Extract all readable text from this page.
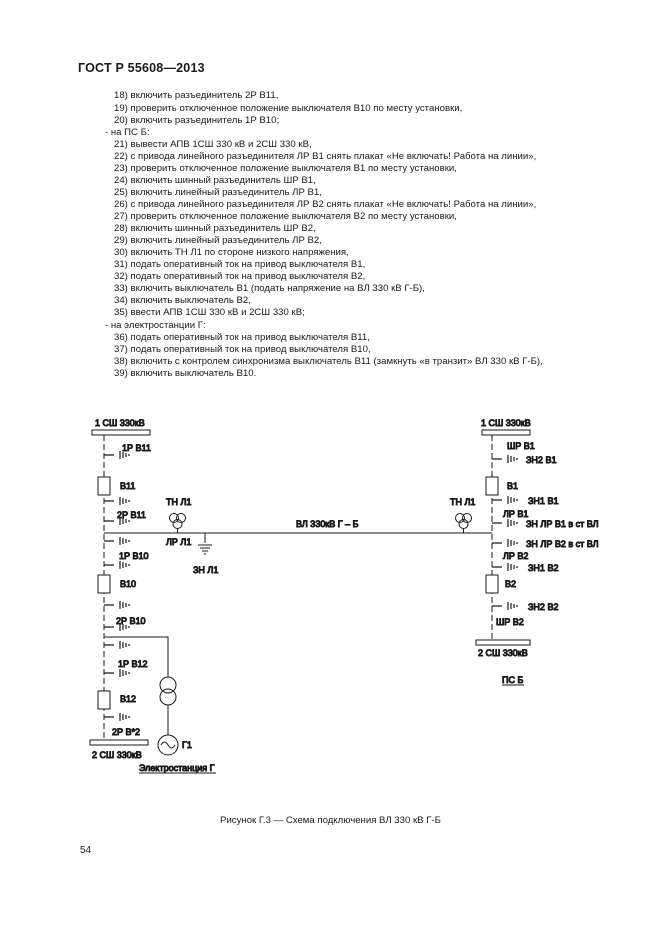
ГОСТ Р 55608—2013
18) включить разъединитель 2Р В11,
19) проверить отключенное положение выключателя В10 по месту установки,
20) включить разъединитель 1Р В10;
- на ПС Б:
21) вывести АПВ 1СШ 330 кВ и 2СШ 330 кВ,
22) с привода линейного разъединителя ЛР В1 снять плакат «Не включать! Работа на линии»,
23) проверить отключенное положение выключателя В1 по месту установки,
24) включить шинный разъединитель ШР В1,
25) включить линейный разъединитель ЛР В1,
26) с привода линейного разъединителя ЛР В2 снять плакат «Не включать! Работа на линии»,
27) проверить отключенное положение выключателя В2 по месту установки,
28) включить шинный разъединитель ШР В2,
29) включить линейный разъединитель ЛР В2,
30) включить ТН Л1 по стороне низкого напряжения,
31) подать оперативный ток на привод выключателя В1,
32) подать оперативный ток на привод выключателя В2,
33) включить выключатель В1 (подать напряжение на ВЛ 330 кВ Г-Б),
34) включить выключатель В2,
35) ввести АПВ 1СШ 330 кВ и 2СШ 330 кВ;
- на электростанции Г:
36) подать оперативный ток на привод выключателя В11,
37) подать оперативный ток на привод выключателя В10,
38) включить с контролем синхронизма выключатель В11 (замкнуть «в транзит» ВЛ 330 кВ Г-Б),
39) включить выключатель В10.
1 СШ 330кВ
2 СШ 330кВ
1Р В11
В11
2Р В11
1Р В10
В10
2Р В10
1Р В12
В12
2Р В*2
Г1
Электростанция Г
ТН Л1
ЛР Л1
ЗН Л1
ВЛ 330кВ Г – Б
ТН Л1
1 СШ 330кВ
2 СШ 330кВ
ШР В1
ЗН2 В1
В1
ЗН1 В1
ЛР В1
ЗН ЛР В1 в ст ВЛ
ЗН ЛР В2 в ст ВЛ
ЛР В2
ЗН1 В2
В2
ЗН2 В2
ШР В2
ПС Б
Рисунок Г.3 — Схема подключения ВЛ 330 кВ Г-Б
54
